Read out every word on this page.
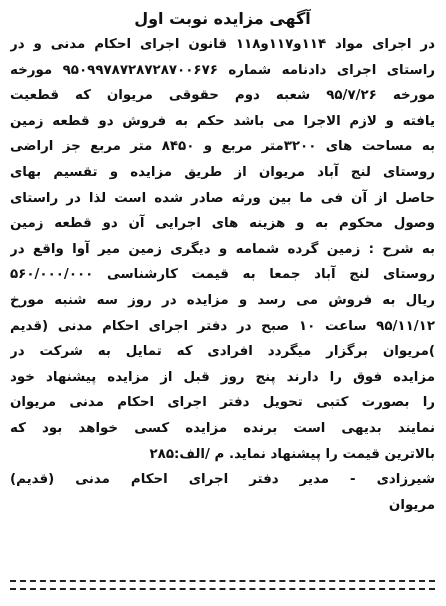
آگهی مزایده نوبت اول
در اجرای مواد ۱۱۴و۱۱۷و۱۱۸ قانون اجرای احکام مدنی و در
راستای اجرای دادنامه شماره ۹۵۰۹۹۷۸۷۲۸۷۲۸۷۰۰۶۷۶ مورخه
مورخه ۹۵/۷/۲۶ شعبه دوم حقوقی مریوان که قطعیت
یافته و لازم الاجرا می باشد حکم به فروش دو قطعه زمین
به مساحت های ۳۲۰۰متر مربع و ۸۴۵۰ متر مربع جز اراضی
روستای لنج آباد مریوان از طریق مزایده و تقسیم بهای
حاصل از آن فی ما بین ورثه صادر شده است لذا در راستای
وصول محکوم به و هزینه های اجرایی آن دو قطعه زمین
به شرح : زمین گرده شمامه و دیگری زمین میر آوا واقع در
روستای لنج آباد جمعا به قیمت کارشناسی ۵۶۰/۰۰۰/۰۰۰
ریال به فروش می رسد و مزایده در روز سه شنبه مورخ
۹۵/۱۱/۱۲ ساعت ۱۰ صبح در دفتر اجرای احکام مدنی (قدیم
)مریوان برگزار میگردد افرادی که تمایل به شرکت در
مزایده فوق را دارند پنج روز قبل از مزایده پیشنهاد خود
را بصورت کتبی تحویل دفتر اجرای احکام مدنی مریوان
نمایند بدیهی است برنده مزایده کسی خواهد بود که
بالاترین قیمت را پیشنهاد نماید. م /الف:۲۸۵
شیرزادی - مدیر دفتر اجرای احکام مدنی (قدیم)
مریوان
